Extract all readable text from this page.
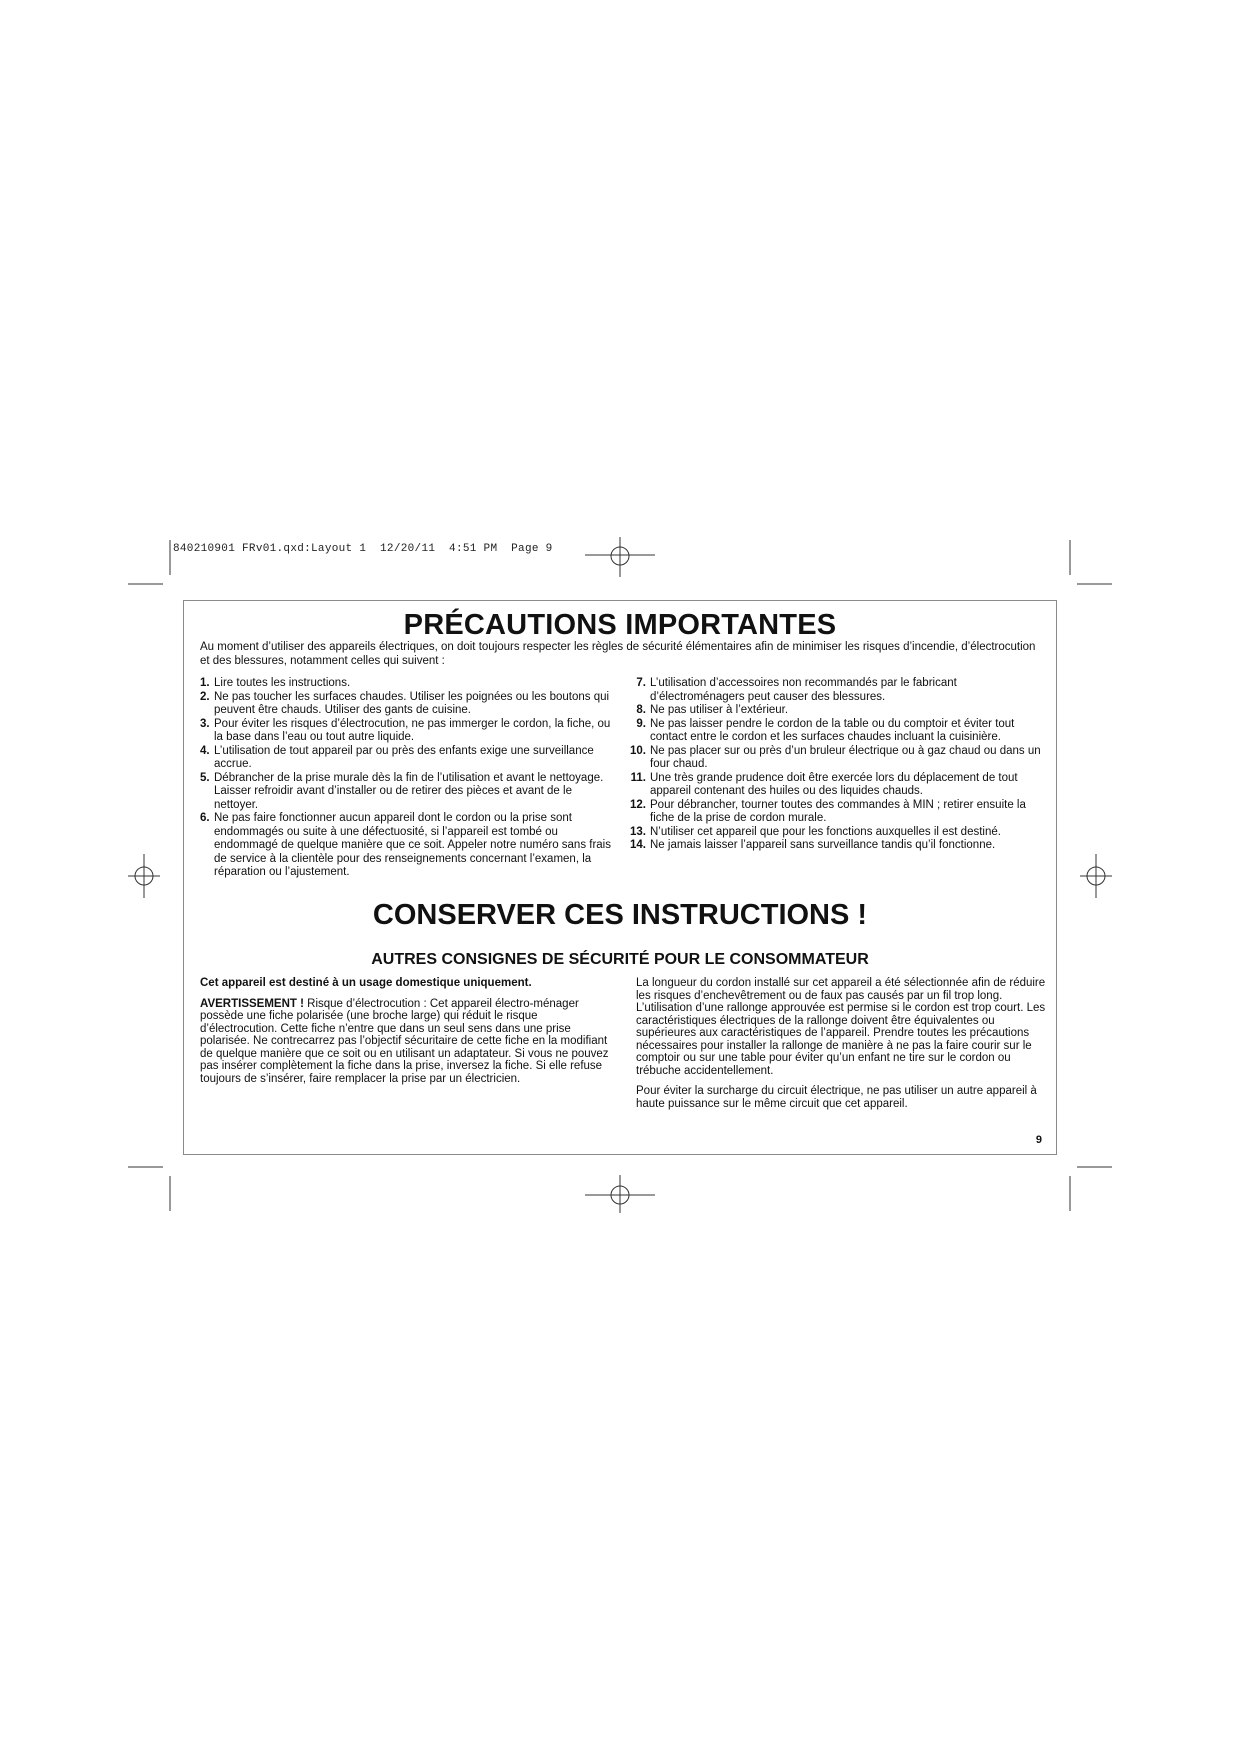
840210901 FRv01.qxd:Layout 1  12/20/11  4:51 PM  Page 9
PRÉCAUTIONS IMPORTANTES
Au moment d’utiliser des appareils électriques, on doit toujours respecter les règles de sécurité élémentaires afin de minimiser les risques d’incendie, d’électrocution et des blessures, notamment celles qui suivent :
1. Lire toutes les instructions.
2. Ne pas toucher les surfaces chaudes. Utiliser les poignées ou les boutons qui peuvent être chauds. Utiliser des gants de cuisine.
3. Pour éviter les risques d’électrocution, ne pas immerger le cordon, la fiche, ou la base dans l’eau ou tout autre liquide.
4. L’utilisation de tout appareil par ou près des enfants exige une surveillance accrue.
5. Débrancher de la prise murale dès la fin de l’utilisation et avant le nettoyage. Laisser refroidir avant d’installer ou de retirer des pièces et avant de le nettoyer.
6. Ne pas faire fonctionner aucun appareil dont le cordon ou la prise sont endommagés ou suite à une défectuosité, si l’appareil est tombé ou endommagé de quelque manière que ce soit. Appeler notre numéro sans frais de service à la clientèle pour des renseignements concernant l’examen, la réparation ou l’ajustement.
7. L’utilisation d’accessoires non recommandés par le fabricant d’électroménagers peut causer des blessures.
8. Ne pas utiliser à l’extérieur.
9. Ne pas laisser pendre le cordon de la table ou du comptoir et éviter tout contact entre le cordon et les surfaces chaudes incluant la cuisinière.
10. Ne pas placer sur ou près d’un bruleur électrique ou à gaz chaud ou dans un four chaud.
11. Une très grande prudence doit être exercée lors du déplacement de tout appareil contenant des huiles ou des liquides chauds.
12. Pour débrancher, tourner toutes des commandes à MIN ; retirer ensuite la fiche de la prise de cordon murale.
13. N’utiliser cet appareil que pour les fonctions auxquelles il est destiné.
14. Ne jamais laisser l’appareil sans surveillance tandis qu’il fonctionne.
CONSERVER CES INSTRUCTIONS !
AUTRES CONSIGNES DE SÉCURITÉ POUR LE CONSOMMATEUR

Cet appareil est destiné à un usage domestique uniquement.

AVERTISSEMENT ! Risque d’électrocution : Cet appareil électro-ménager possède une fiche polarisée (une broche large) qui réduit le risque d’électrocution. Cette fiche n’entre que dans un seul sens dans une prise polarisée. Ne contrecarrez pas l’objectif sécuritaire de cette fiche en la modifiant de quelque manière que ce soit ou en utilisant un adaptateur. Si vous ne pouvez pas insérer complètement la fiche dans la prise, inversez la fiche. Si elle refuse toujours de s’insérer, faire remplacer la prise par un électricien.

La longueur du cordon installé sur cet appareil a été sélectionnée afin de réduire les risques d’enchevêtrement ou de faux pas causés par un fil trop long. L’utilisation d’une rallonge approuvée est permise si le cordon est trop court. Les caractéristiques électriques de la rallonge doivent être équivalentes ou supérieures aux caractéristiques de l’appareil. Prendre toutes les précautions nécessaires pour installer la rallonge de manière à ne pas la faire courir sur le comptoir ou sur une table pour éviter qu’un enfant ne tire sur le cordon ou trébuche accidentellement.

Pour éviter la surcharge du circuit électrique, ne pas utiliser un autre appareil à haute puissance sur le même circuit que cet appareil.

9
